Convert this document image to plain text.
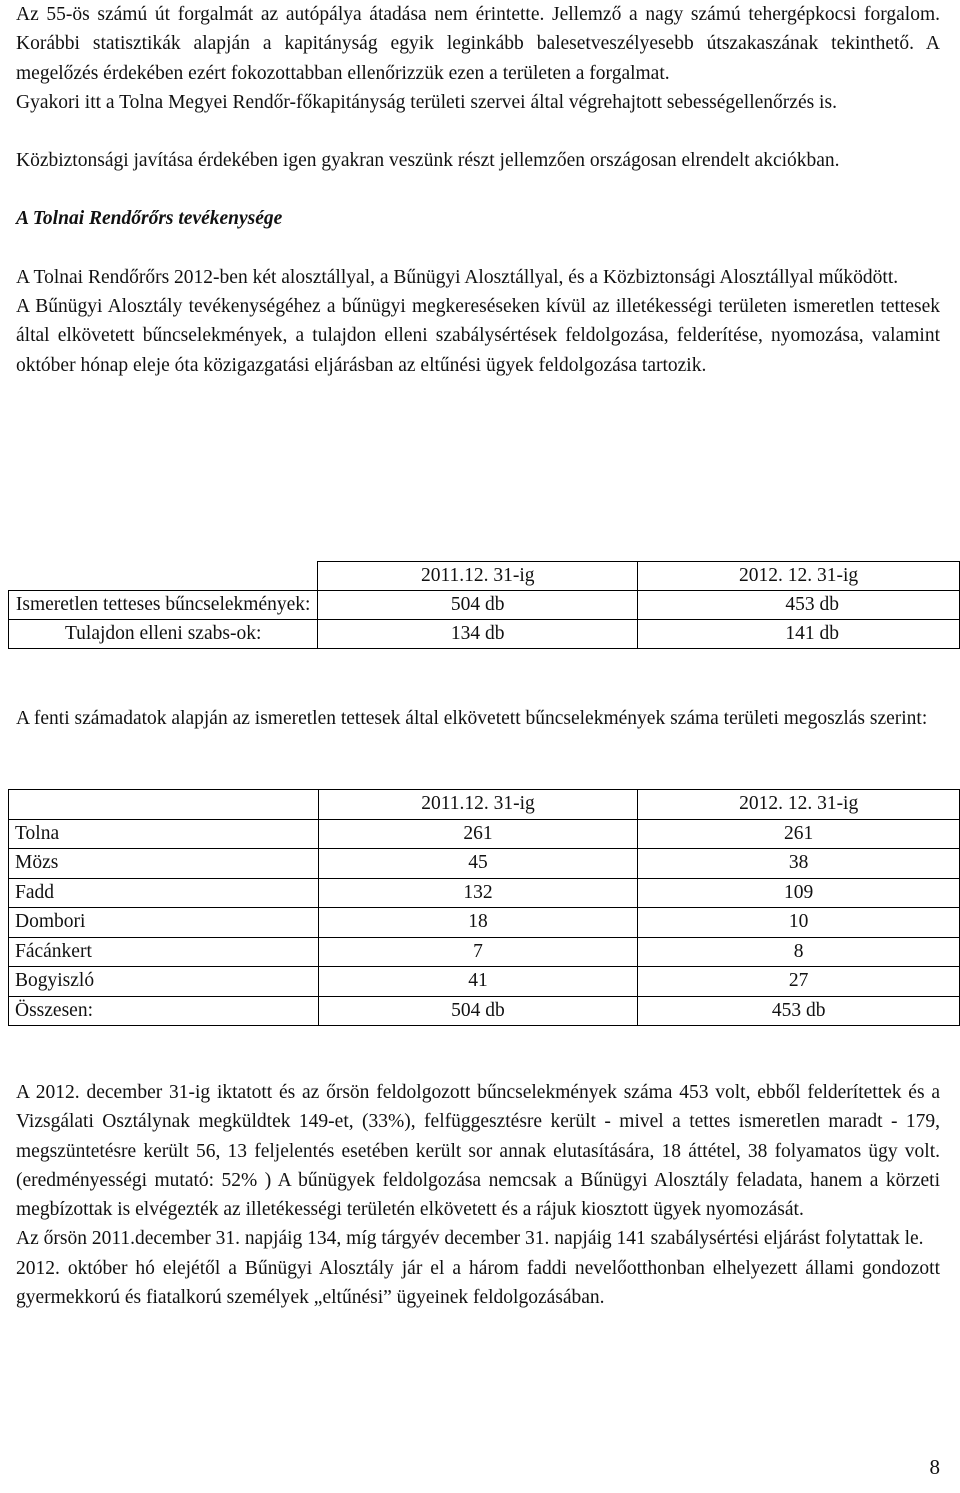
Az 55-ös számú út forgalmát az autópálya átadása nem érintette. Jellemző a nagy számú tehergépkocsi forgalom. Korábbi statisztikák alapján a kapitányság egyik leginkább balesetveszélyesebb útszakaszának tekinthető. A megelőzés érdekében ezért fokozottabban ellenőrizzük ezen a területen a forgalmat.

Gyakori itt a Tolna Megyei Rendőr-főkapitányság területi szervei által végrehajtott sebességellenőrzés is.

Közbiztonsági javítása érdekében igen gyakran veszünk részt jellemzően országosan elrendelt akciókban.

A Tolnai Rendőrőrs tevékenysége

A Tolnai Rendőrőrs 2012-ben két alosztállyal, a Bűnügyi Alosztállyal, és a Közbiztonsági Alosztállyal működött.

A Bűnügyi Alosztály tevékenységéhez a bűnügyi megkereséseken kívül az illetékességi területen ismeretlen tettesek által elkövetett bűncselekmények, a tulajdon elleni szabálysértések feldolgozása, felderítése, nyomozása, valamint október hónap eleje óta közigazgatási eljárásban az eltűnési ügyek feldolgozása tartozik.

	2011.12. 31-ig	2012. 12. 31-ig
Ismeretlen tetteses bűncselekmények:	504 db	453 db
Tulajdon elleni szabs-ok:	134 db	141 db

A fenti számadatok alapján az ismeretlen tettesek által elkövetett bűncselekmények száma területi megoszlás szerint:

	2011.12. 31-ig	2012. 12. 31-ig
Tolna	261	261
Mözs	45	38
Fadd	132	109
Dombori	18	10
Fácánkert	7	8
Bogyiszló	41	27
Összesen:	504 db	453 db

A 2012. december 31-ig iktatott és az őrsön feldolgozott bűncselekmények száma 453 volt, ebből felderítettek és a Vizsgálati Osztálynak megküldtek 149-et, (33%), felfüggesztésre került - mivel a tettes ismeretlen maradt - 179, megszüntetésre került 56, 13 feljelentés esetében került sor annak elutasítására, 18 áttétel, 38 folyamatos ügy volt. (eredményességi mutató: 52% ) A bűnügyek feldolgozása nemcsak a Bűnügyi Alosztály feladata, hanem a körzeti megbízottak is elvégezték az illetékességi területén elkövetett és a rájuk kiosztott ügyek nyomozását.

Az őrsön 2011.december 31. napjáig 134, míg tárgyév december 31. napjáig 141 szabálysértési eljárást folytattak le.

2012. október hó elejétől a Bűnügyi Alosztály jár el a három faddi nevelőotthonban elhelyezett állami gondozott gyermekkorú és fiatalkorú személyek „eltűnési” ügyeinek feldolgozásában.

8
